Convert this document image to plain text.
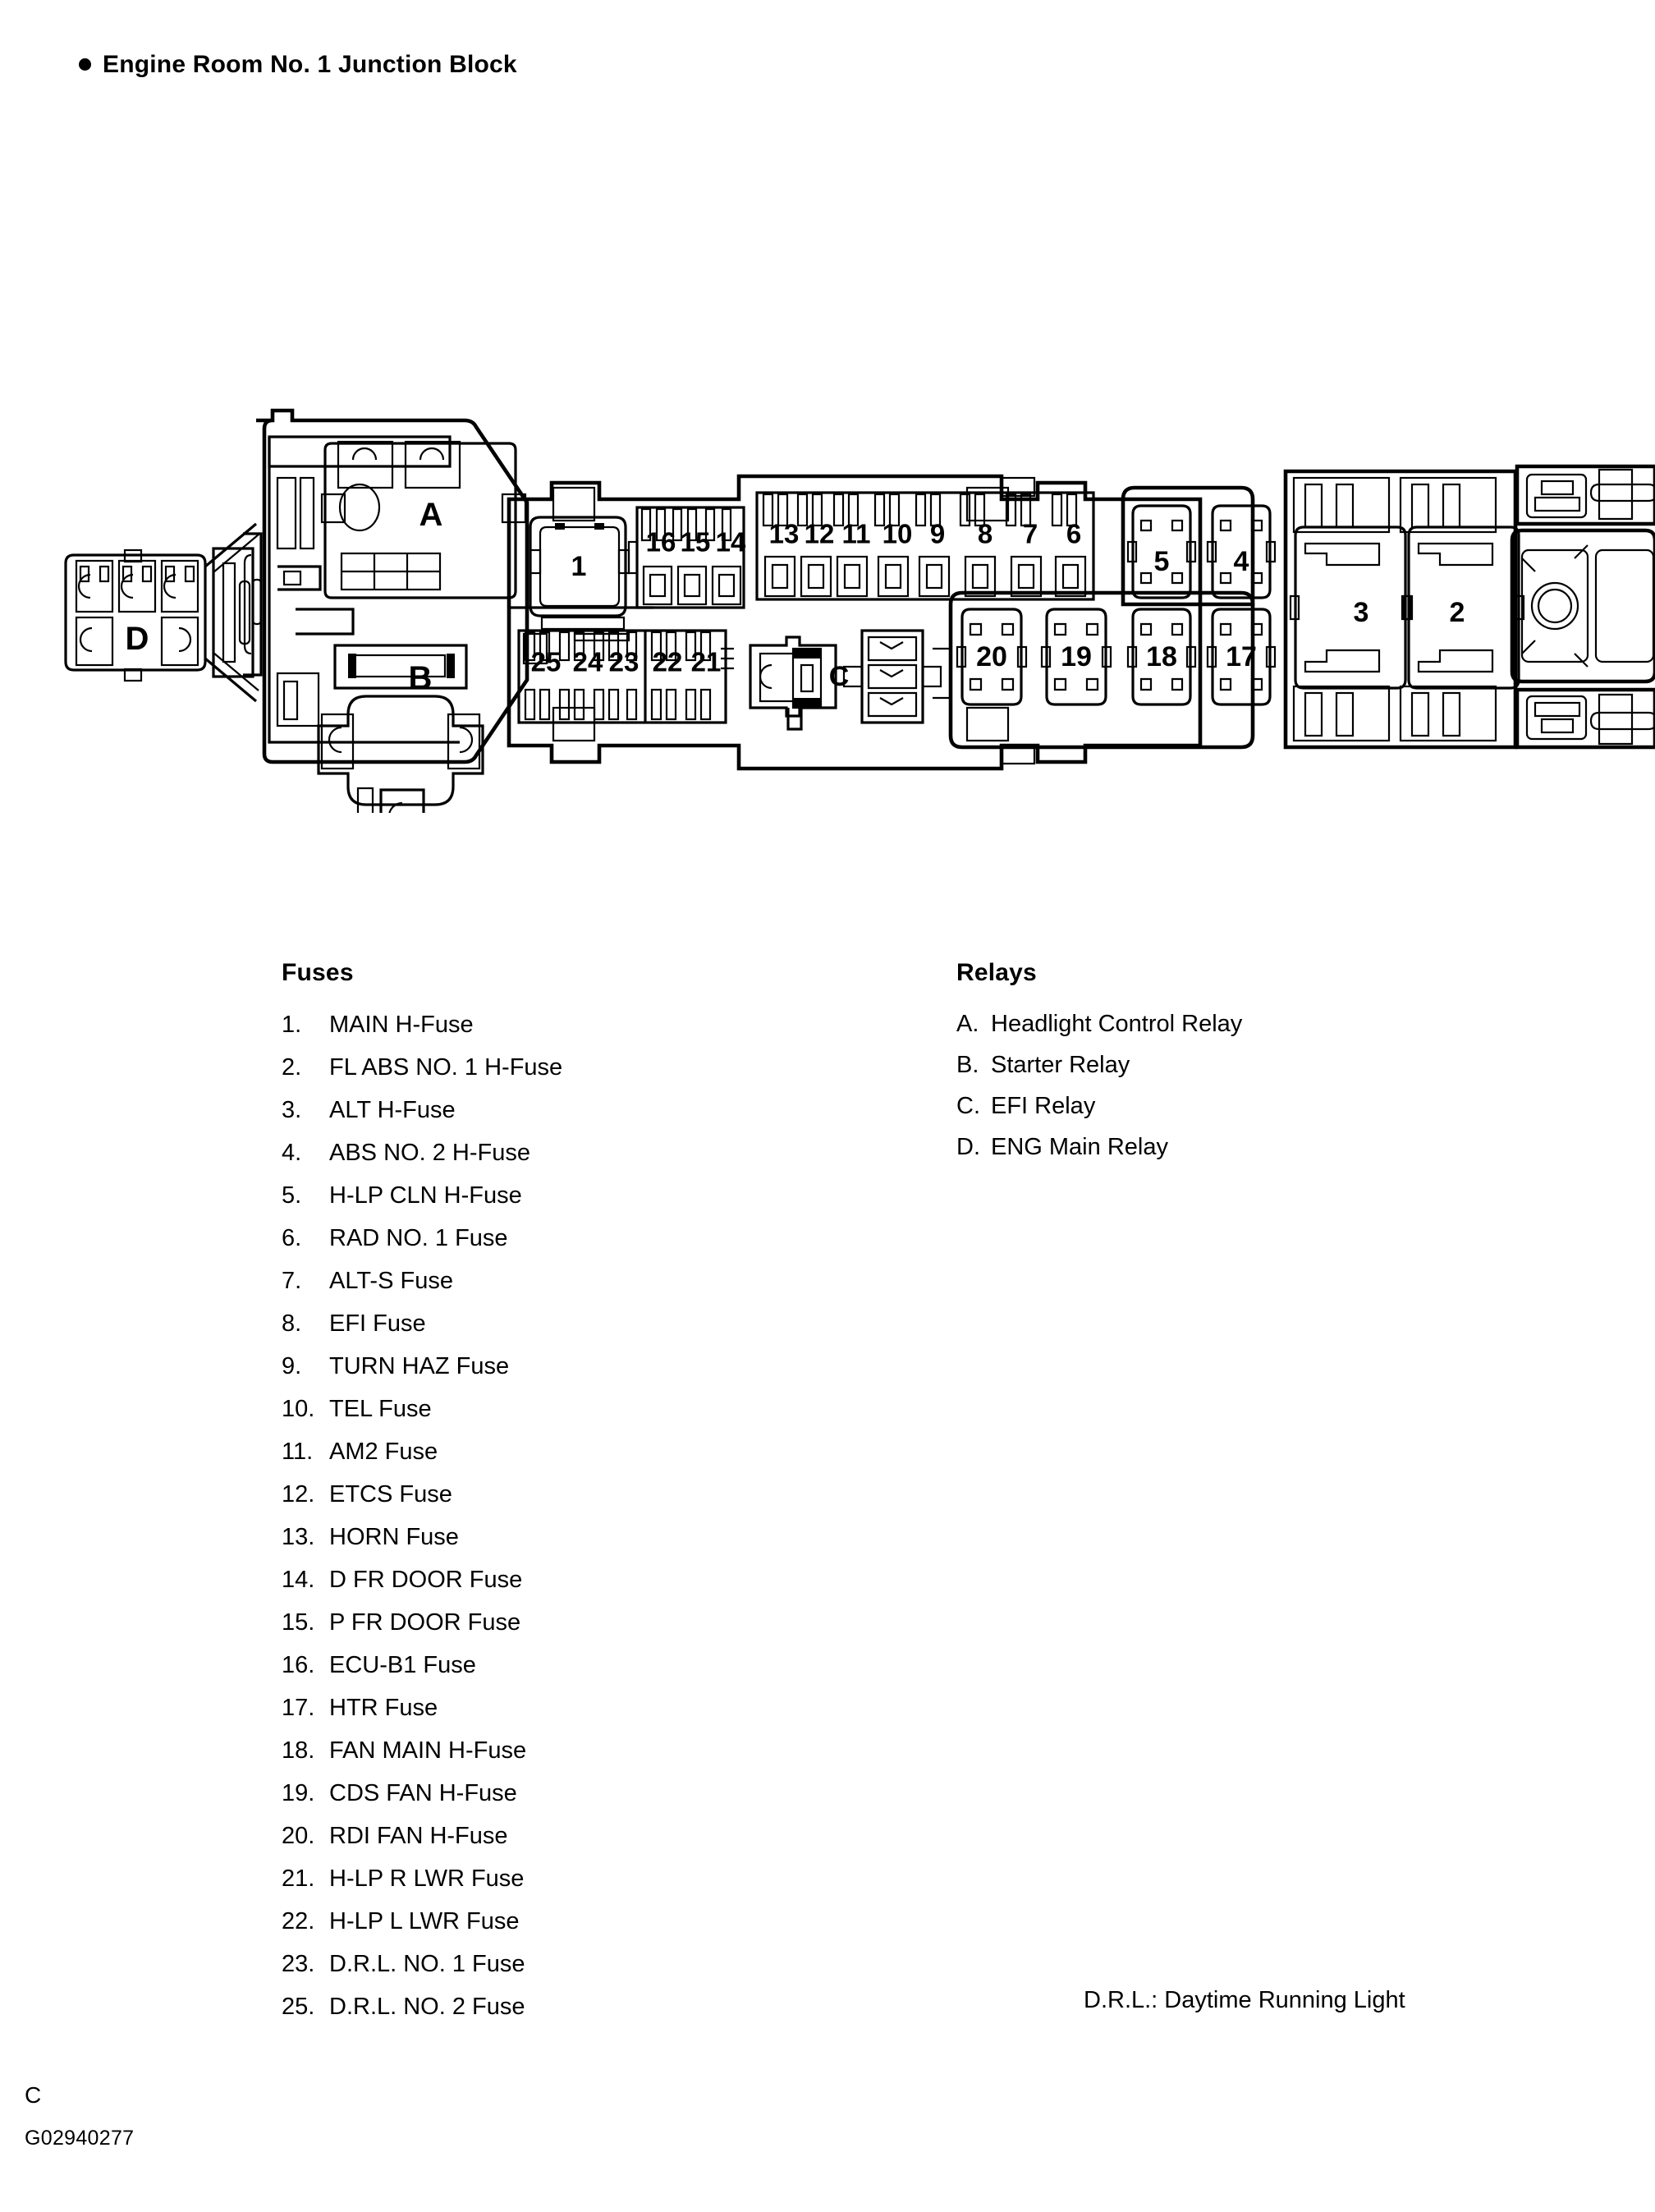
Engine Room No. 1 Junction Block
A
B
1
16 15 14 13 12 11 10 9 8 7 6
25 24 23 22 21	C
5 4
20 19 18 17
3	2
D
Fuses
1.	MAIN H-Fuse
2.	FL ABS NO. 1 H-Fuse
3.	ALT H-Fuse
4.	ABS NO. 2 H-Fuse
5.	H-LP CLN H-Fuse
6.	RAD NO. 1 Fuse
7.	ALT-S Fuse
8.	EFI Fuse
9.	TURN HAZ Fuse
10. TEL Fuse
11. AM2 Fuse
12. ETCS Fuse
13. HORN Fuse
14. D FR DOOR Fuse
15. P FR DOOR Fuse
16. ECU-B1 Fuse
17. HTR Fuse
18. FAN MAIN H-Fuse
19. CDS FAN H-Fuse
20. RDI FAN H-Fuse
21. H-LP R LWR Fuse
22. H-LP L LWR Fuse
23. D.R.L. NO. 1 Fuse
25. D.R.L. NO. 2 Fuse
Relays
A. Headlight Control Relay
B. Starter Relay
C. EFI Relay
D. ENG Main Relay
D.R.L.: Daytime Running Light
C
G02940277
